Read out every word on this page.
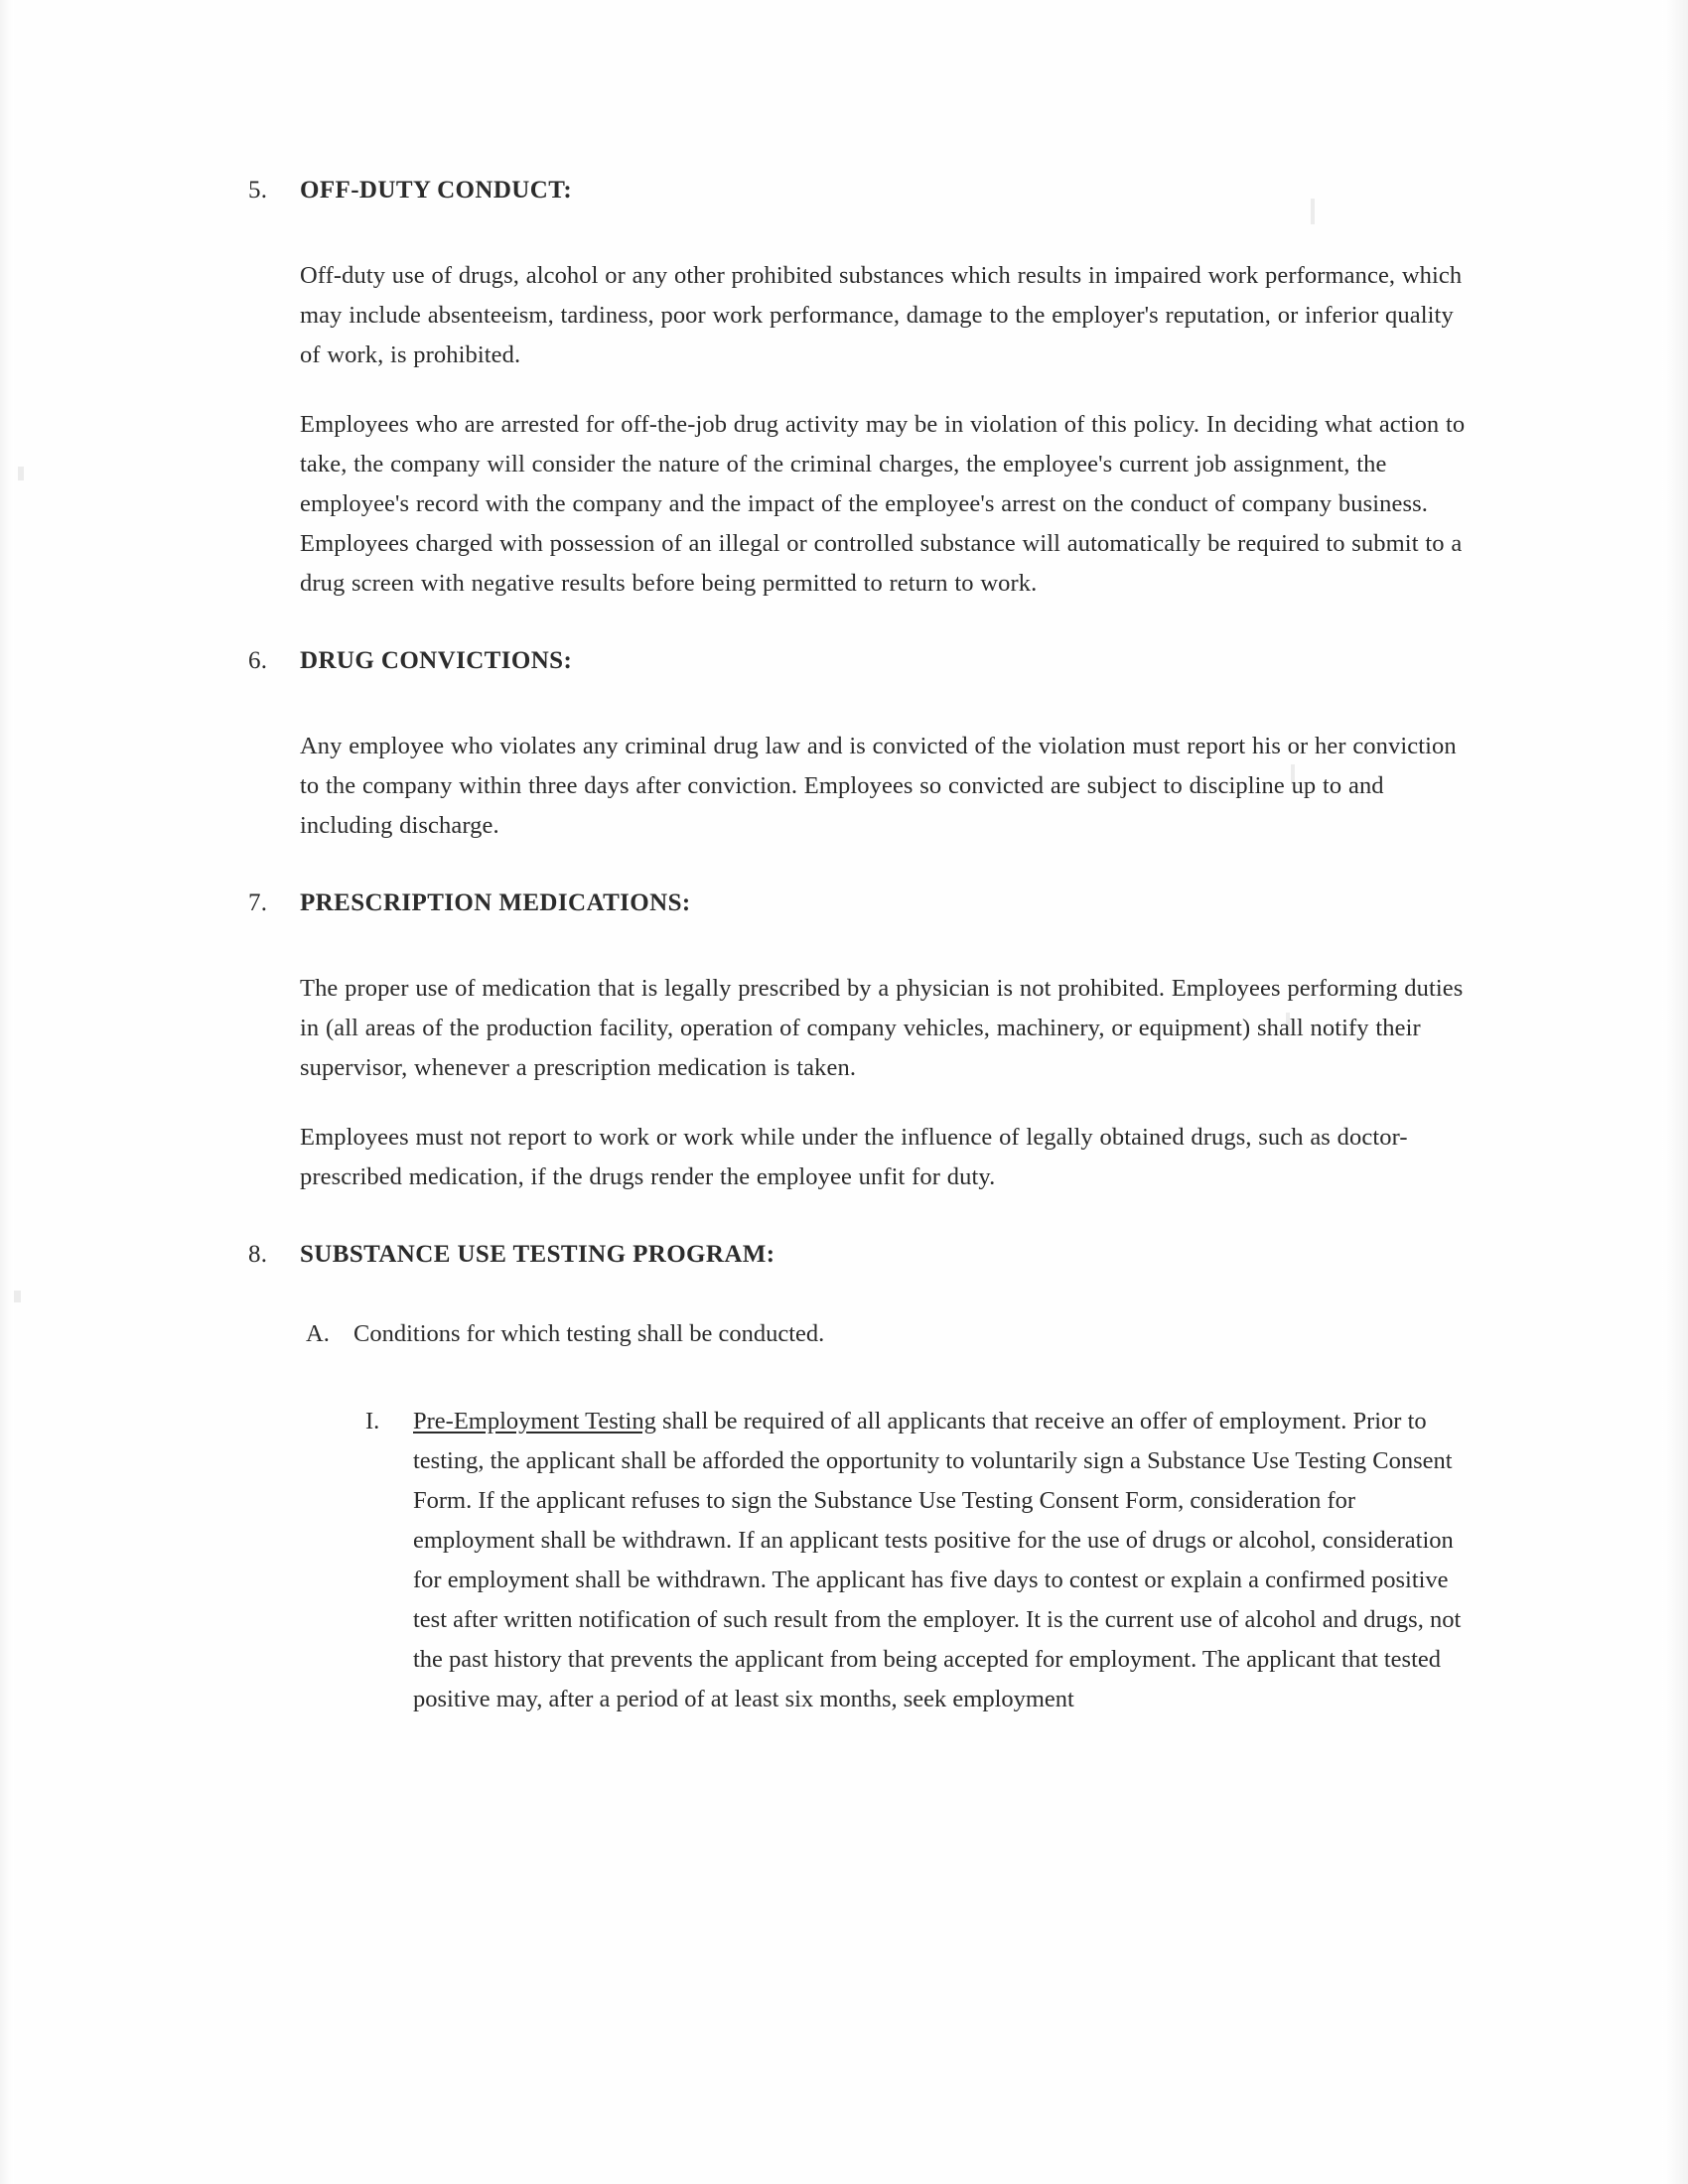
5.	OFF-DUTY CONDUCT:

Off-duty use of drugs, alcohol or any other prohibited substances which results in impaired work performance, which may include absenteeism, tardiness, poor work performance, damage to the employer's reputation, or inferior quality of work, is prohibited.

Employees who are arrested for off-the-job drug activity may be in violation of this policy. In deciding what action to take, the company will consider the nature of the criminal charges, the employee's current job assignment, the employee's record with the company and the impact of the employee's arrest on the conduct of company business. Employees charged with possession of an illegal or controlled substance will automatically be required to submit to a drug screen with negative results before being permitted to return to work.

6.	DRUG CONVICTIONS:

Any employee who violates any criminal drug law and is convicted of the violation must report his or her conviction to the company within three days after conviction. Employees so convicted are subject to discipline up to and including discharge.

7.	PRESCRIPTION MEDICATIONS:

The proper use of medication that is legally prescribed by a physician is not prohibited. Employees performing duties in (all areas of the production facility, operation of company vehicles, machinery, or equipment) shall notify their supervisor, whenever a prescription medication is taken.

Employees must not report to work or work while under the influence of legally obtained drugs, such as doctor-prescribed medication, if the drugs render the employee unfit for duty.

8.	SUBSTANCE USE TESTING PROGRAM:
A. Conditions for which testing shall be conducted.
I.	Pre-Employment Testing shall be required of all applicants that receive an offer of employment. Prior to testing, the applicant shall be afforded the opportunity to voluntarily sign a Substance Use Testing Consent Form. If the applicant refuses to sign the Substance Use Testing Consent Form, consideration for employment shall be withdrawn. If an applicant tests positive for the use of drugs or alcohol, consideration for employment shall be withdrawn. The applicant has five days to contest or explain a confirmed positive test after written notification of such result from the employer. It is the current use of alcohol and drugs, not the past history that prevents the applicant from being accepted for employment. The applicant that tested positive may, after a period of at least six months, seek employment
